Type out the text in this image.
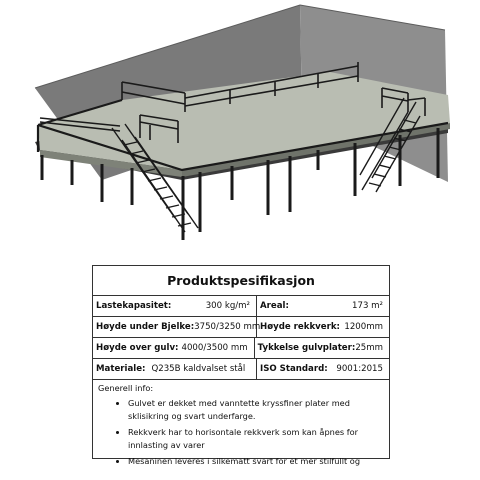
Produktspesifikasjon
Lastekapasitet:	300 kg/m²	Areal:	173 m²
Høyde under Bjelke: 3750/3250 mm Høyde rekkverk: 1200mm
Høyde over gulv: 4000/3500 mm	Tykkelse gulvplater: 25mm
Materiale: Q235B kaldvalset stål	ISO Standard: 9001:2015
Generell info:
• Gulvet er dekket med vanntette kryssfiner plater med sklisikring og svart underfarge.
• Rekkverk har to horisontale rekkverk som kan åpnes for innlasting av varer
• Mesaninen leveres i silkematt svart for et mer stilfullt og
